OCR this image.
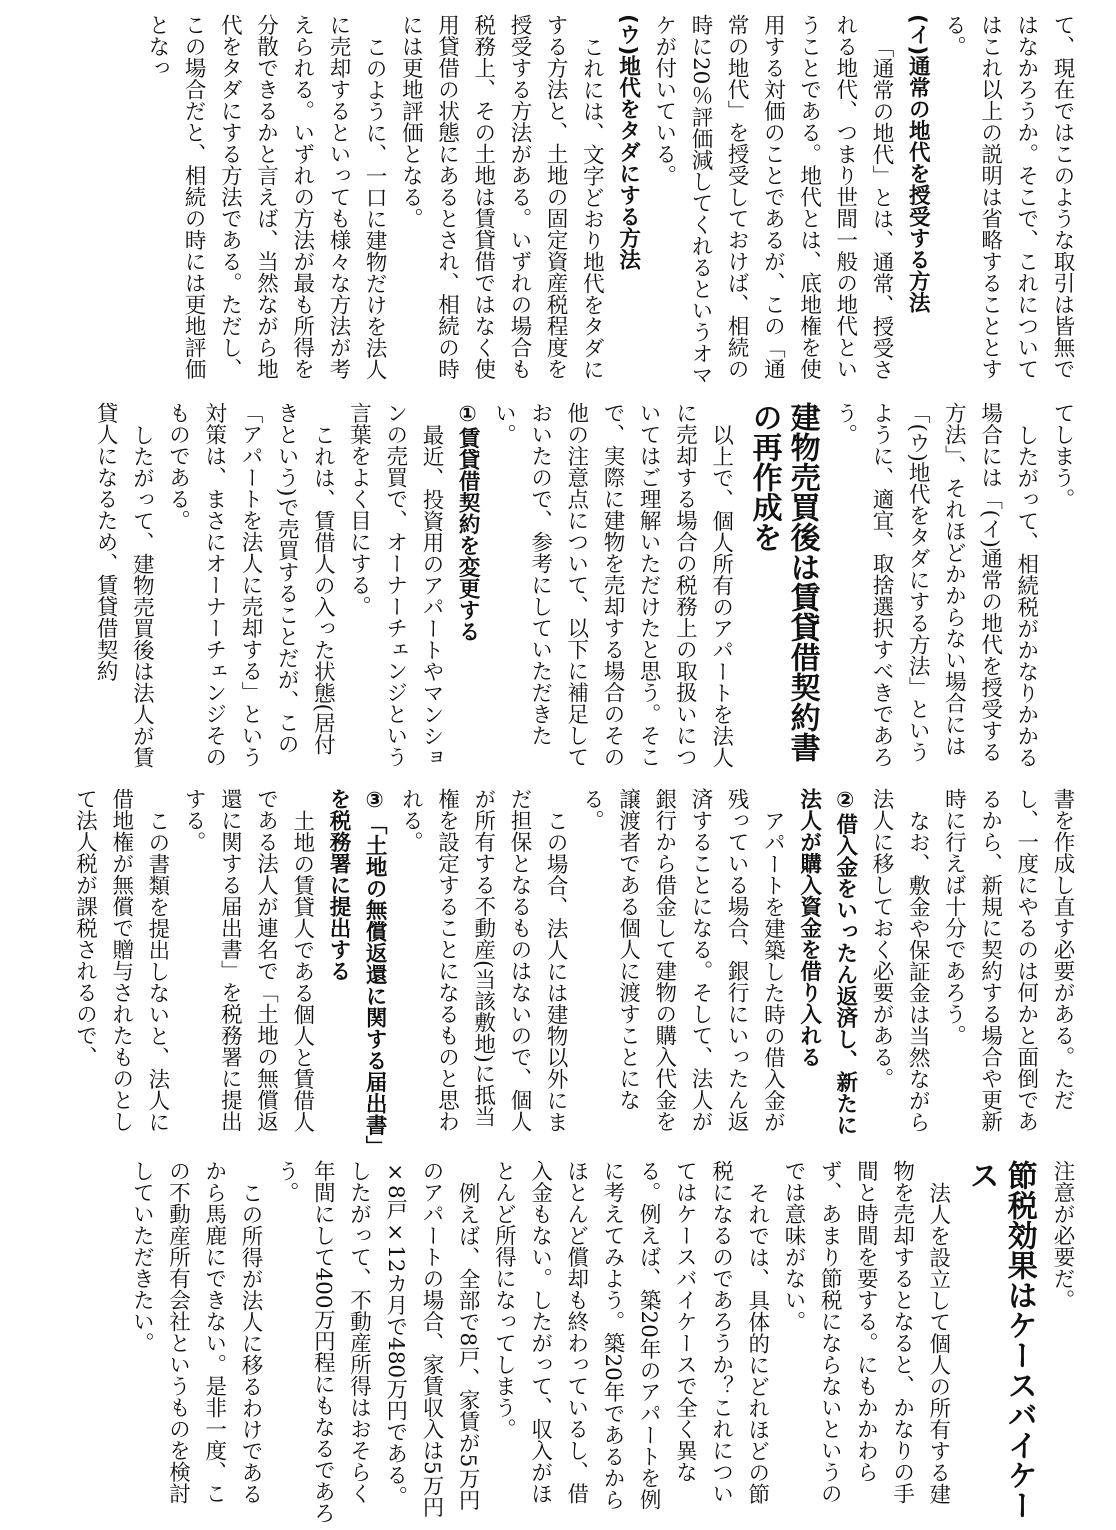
て、現在ではこのような取引は皆無ではなかろうか。そこで、これについてはこれ以上の説明は省略することとする。

(イ)通常の地代を授受する方法

「通常の地代」とは、通常、授受される地代、つまり世間一般の地代ということである。地代とは、底地権を使用する対価のことであるが、この「通常の地代」を授受しておけば、相続の時に20％評価減してくれるというオマケが付いている。

(ウ)地代をタダにする方法

これには、文字どおり地代をタダにする方法と、土地の固定資産税程度を授受する方法がある。いずれの場合も税務上、その土地は賃貸借ではなく使用貸借の状態にあるとされ、相続の時には更地評価となる。

このように、一口に建物だけを法人に売却するといっても様々な方法が考えられる。いずれの方法が最も所得を分散できるかと言えば、当然ながら地代をタダにする方法である。ただし、この場合だと、相続の時には更地評価となっ

てしまう。

したがって、相続税がかなりかかる場合には「(イ)通常の地代を授受する方法」、それほどかからない場合には「(ウ)地代をタダにする方法」というように、適宜、取捨選択すべきであろう。

建物売買後は賃貸借契約書の再作成を

以上で、個人所有のアパートを法人に売却する場合の税務上の取扱いについてはご理解いただけたと思う。そこで、実際に建物を売却する場合のその他の注意点について、以下に補足しておいたので、参考にしていただきたい。

①賃貸借契約を変更する

最近、投資用のアパートやマンションの売買で、オーナーチェンジという言葉をよく目にする。

これは、賃借人の入った状態(居付きという)で売買することだが、この「アパートを法人に売却する」という対策は、まさにオーナーチェンジそのものである。

したがって、建物売買後は法人が賃貸人になるため、賃貸借契約

書を作成し直す必要がある。ただし、一度にやるのは何かと面倒であるから、新規に契約する場合や更新時に行えば十分であろう。

なお、敷金や保証金は当然ながら法人に移しておく必要がある。

②借入金をいったん返済し、新たに法人が購入資金を借り入れる

アパートを建築した時の借入金が残っている場合、銀行にいったん返済することになる。そして、法人が銀行から借金して建物の購入代金を譲渡者である個人に渡すことになる。

この場合、法人には建物以外にまだ担保となるものはないので、個人が所有する不動産(当該敷地)に抵当権を設定することになるものと思われる。

③「土地の無償返還に関する届出書」を税務署に提出する

土地の賃貸人である個人と賃借人である法人が連名で「土地の無償返還に関する届出書」を税務署に提出する。

この書類を提出しないと、法人に借地権が無償で贈与されたものとして法人税が課税されるので、

注意が必要だ。

節税効果はケースバイケース

法人を設立して個人の所有する建物を売却するとなると、かなりの手間と時間を要する。にもかかわらず、あまり節税にならないというのでは意味がない。

それでは、具体的にどれほどの節税になるのであろうか？これについてはケースバイケースで全く異なる。例えば、築20年のアパートを例に考えてみよう。築20年であるからほとんど償却も終わっているし、借入金もない。したがって、収入がほとんど所得になってしまう。

例えば、全部で8戸、家賃が5万円のアパートの場合、家賃収入は5万円×8戸×12カ月で480万円である。したがって、不動産所得はおそらく年間にして400万円程にもなるであろう。

この所得が法人に移るわけであるから馬鹿にできない。是非一度、この不動産所有会社というものを検討していただきたい。
